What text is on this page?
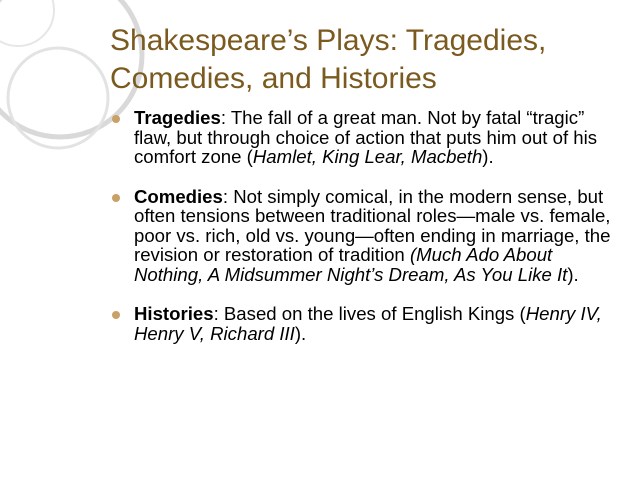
Shakespeare’s Plays: Tragedies,
Comedies, and Histories
Tragedies: The fall of a great man. Not by fatal “tragic” flaw, but through choice of action that puts him out of his comfort zone (Hamlet, King Lear, Macbeth).
Comedies: Not simply comical, in the modern sense, but often tensions between traditional roles—male vs. female, poor vs. rich, old vs. young—often ending in marriage, the revision or restoration of tradition (Much Ado About Nothing, A Midsummer Night’s Dream, As You Like It).
Histories: Based on the lives of English Kings (Henry IV, Henry V, Richard III).
